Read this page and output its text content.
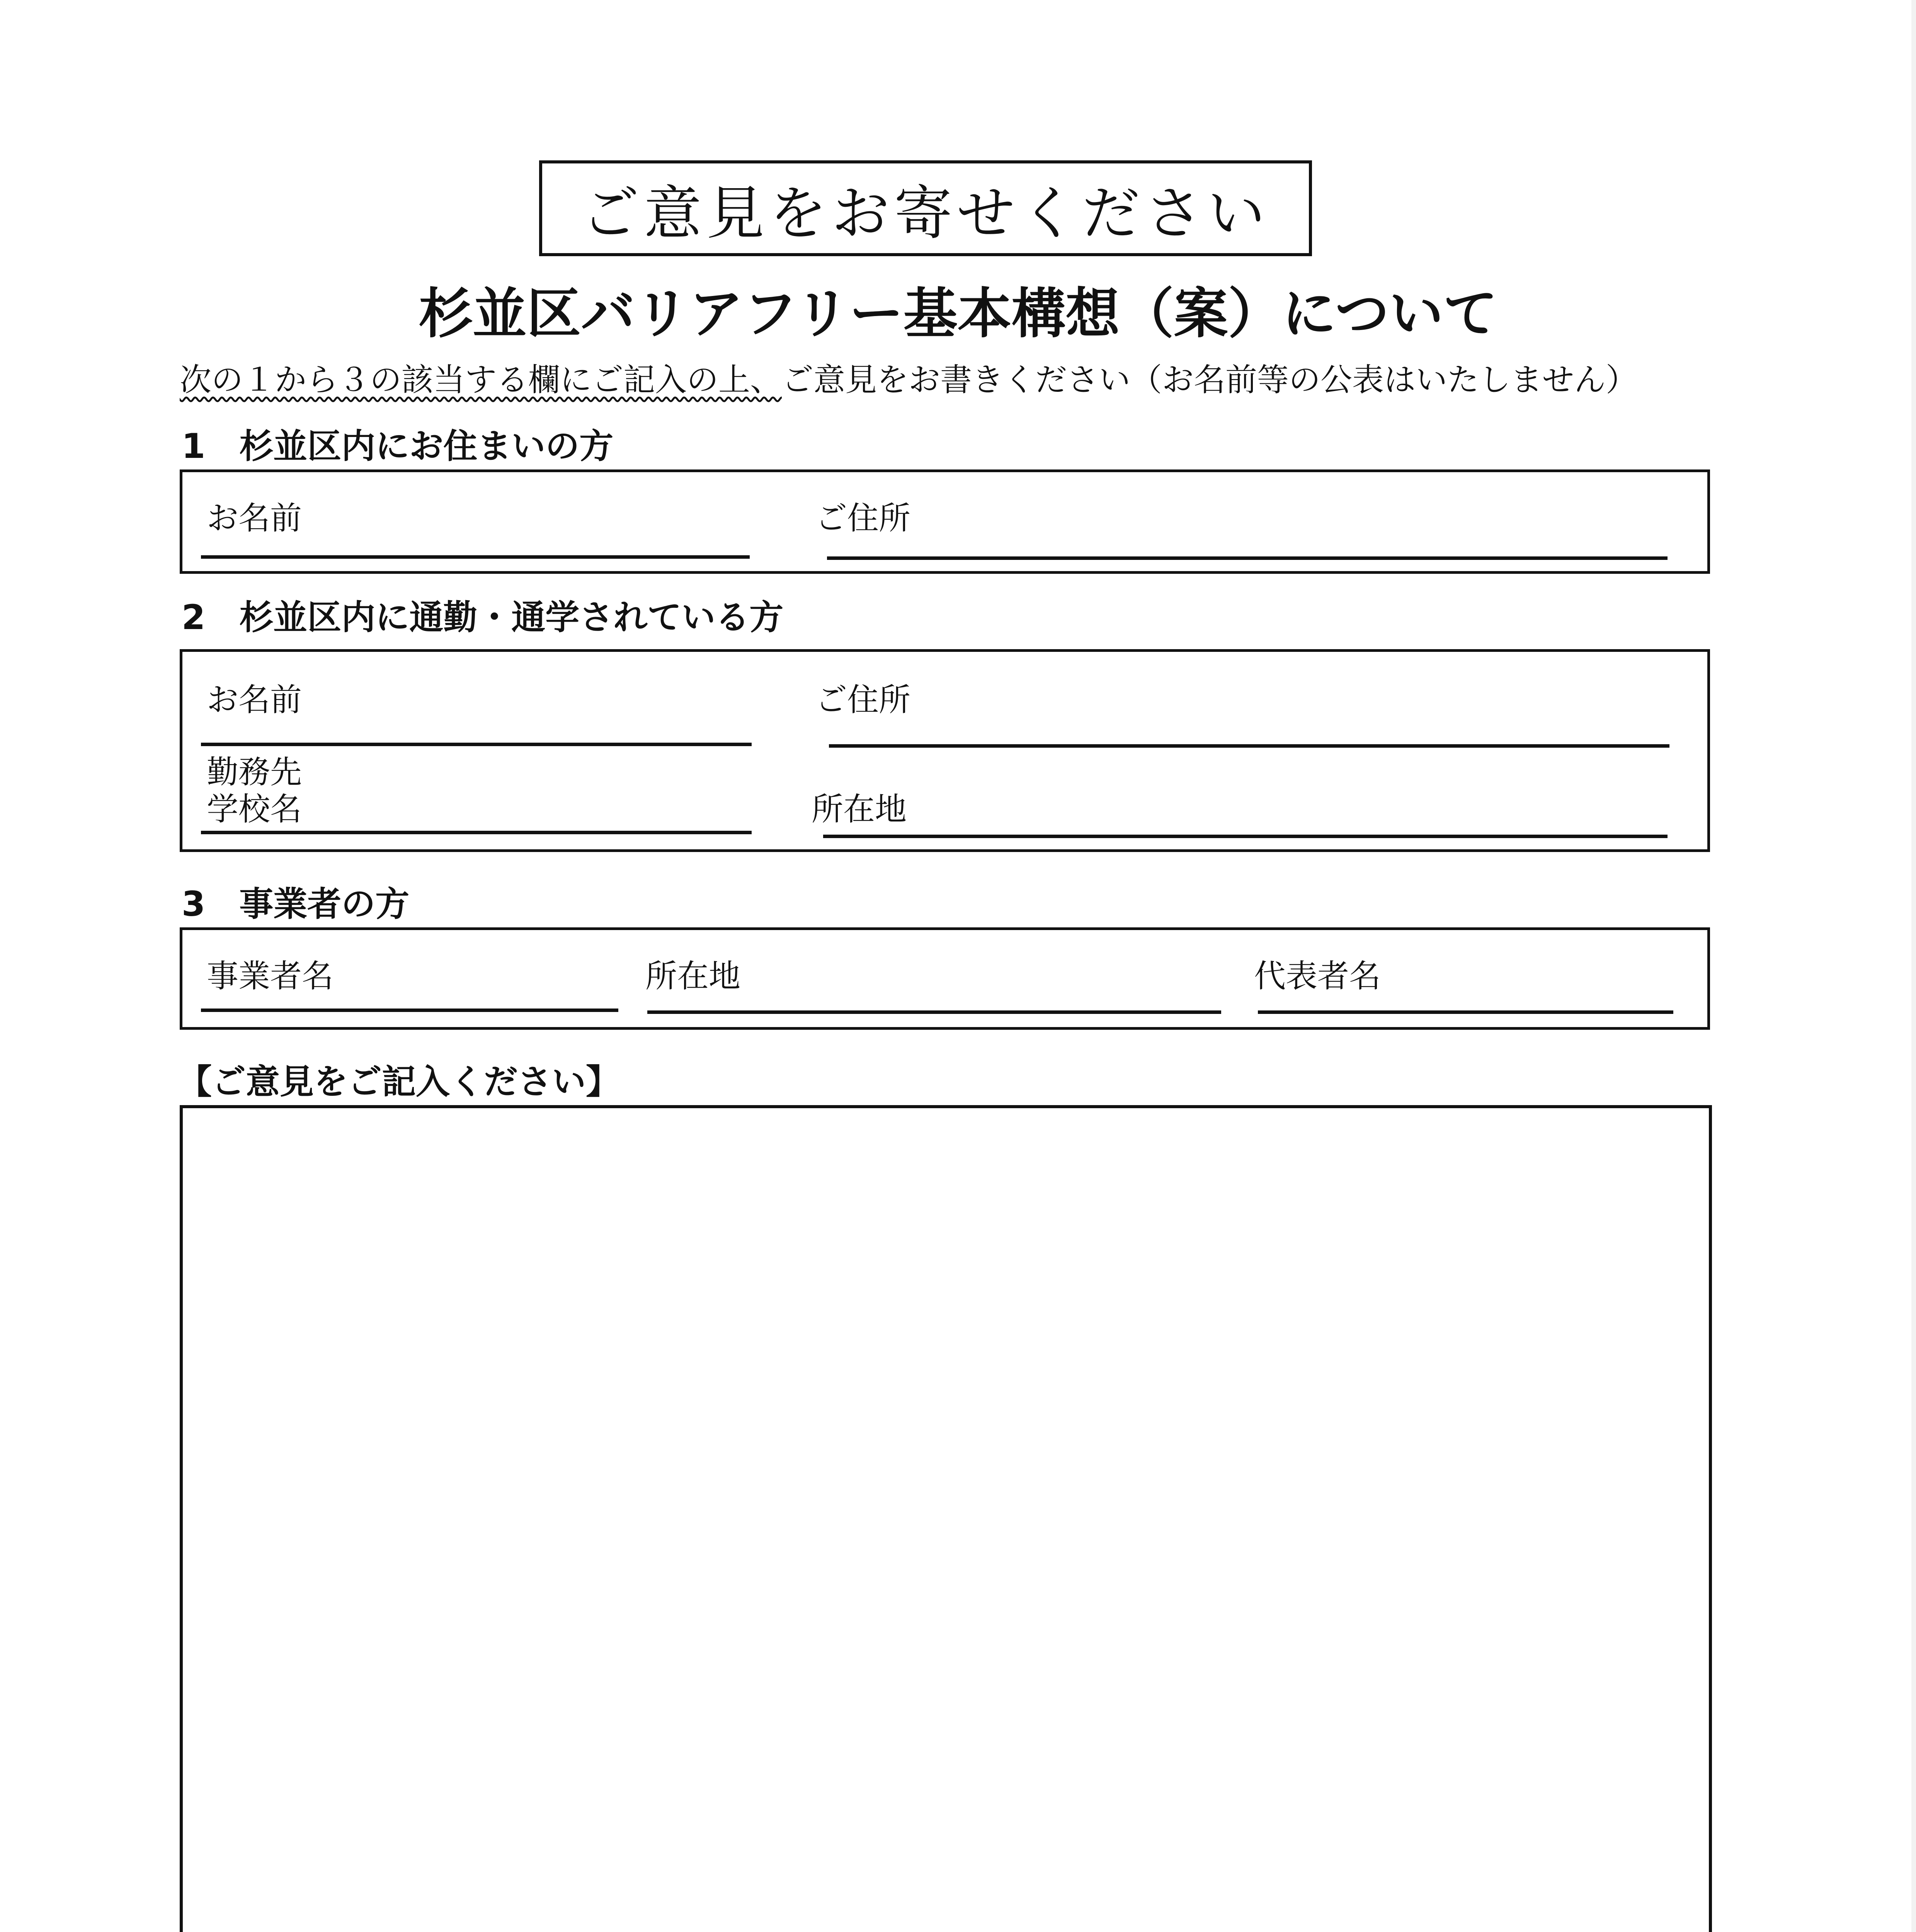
ご意見をお寄せください
杉並区バリアフリー基本構想（案）について
次の１から３の該当する欄にご記入の上、ご意見をお書きください（お名前等の公表はいたしません）
1　杉並区内にお住まいの方
お名前	ご住所
2　杉並区内に通勤・通学されている方
お名前	ご住所
勤務先
学校名	所在地
3　事業者の方
事業者名	所在地	代表者名
【ご意見をご記入ください】
